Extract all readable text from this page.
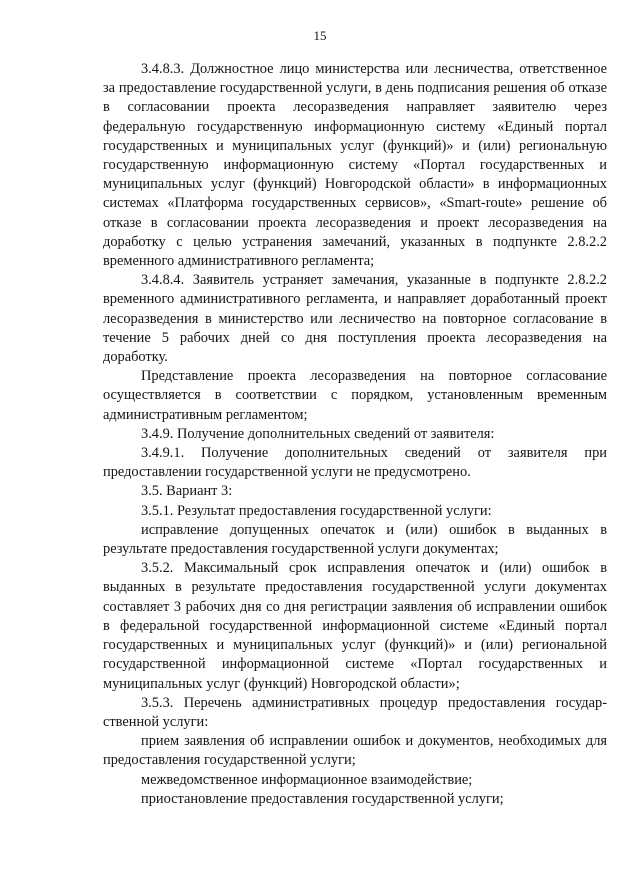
15

3.4.8.3. Должностное лицо министерства или лесничества, ответственное за предоставление государственной услуги, в день подписания решения об отказе в согласовании проекта лесоразведения направляет заявителю через федеральную государственную информационную систему «Единый портал государственных и муниципальных услуг (функций)» и (или) региональную государственную информационную систему «Портал государственных и муниципальных услуг (функций) Новгородской области» в информационных системах «Платформа государственных сервисов», «Smart-route» решение об отказе в согласовании проекта лесоразведения и проект лесоразведения на доработку с целью устранения замечаний, указанных в подпункте 2.8.2.2 временного административного регламента;

3.4.8.4. Заявитель устраняет замечания, указанные в подпункте 2.8.2.2 временного административного регламента, и направляет доработанный проект лесоразведения в министерство или лесничество на повторное согласование в течение 5 рабочих дней со дня поступления проекта лесоразведения на доработку.

Представление проекта лесоразведения на повторное согласование осуществляется в соответствии с порядком, установленным временным административным регламентом;

3.4.9. Получение дополнительных сведений от заявителя:

3.4.9.1. Получение дополнительных сведений от заявителя при предоставлении государственной услуги не предусмотрено.

3.5. Вариант 3:

3.5.1. Результат предоставления государственной услуги:

исправление допущенных опечаток и (или) ошибок в выданных в результате предоставления государственной услуги документах;

3.5.2. Максимальный срок исправления опечаток и (или) ошибок в выданных в результате предоставления государственной услуги документах составляет 3 рабочих дня со дня регистрации заявления об исправлении ошибок в федеральной государственной информационной системе «Единый портал государственных и муниципальных услуг (функций)» и (или) региональной государственной информационной системе «Портал государственных и муниципальных услуг (функций) Новгородской области»;

3.5.3. Перечень административных процедур предоставления государ-ственной услуги:

прием заявления об исправлении ошибок и документов, необходимых для предоставления государственной услуги;

межведомственное информационное взаимодействие;

приостановление предоставления государственной услуги;
